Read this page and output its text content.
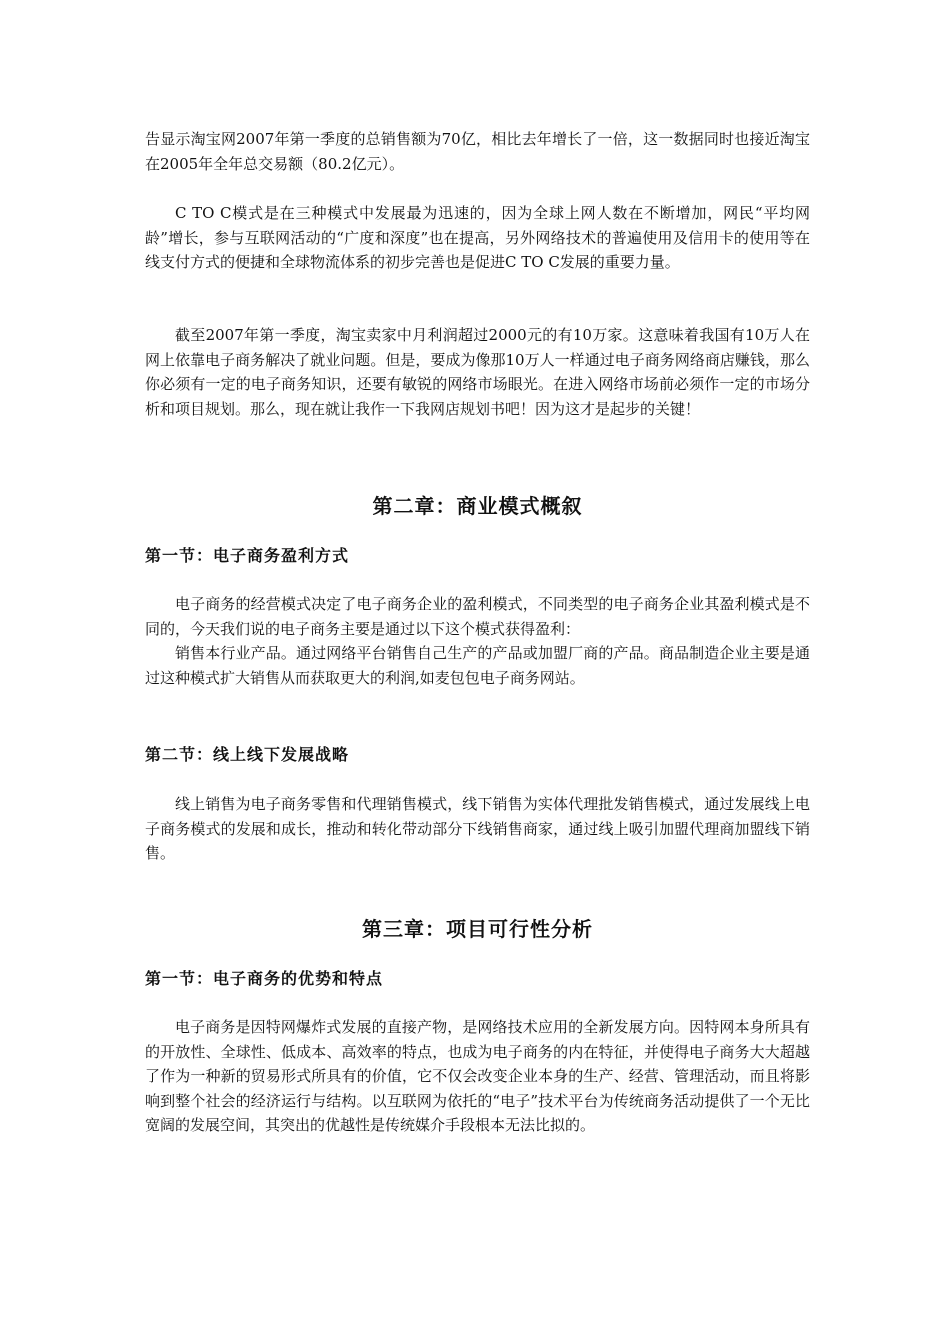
告显示淘宝网2007年第一季度的总销售额为70亿，相比去年增长了一倍，这一数据同时也接近淘宝在2005年全年总交易额（80.2亿元）。

C TO C模式是在三种模式中发展最为迅速的，因为全球上网人数在不断增加，网民“平均网龄”增长，参与互联网活动的“广度和深度”也在提高，另外网络技术的普遍使用及信用卡的使用等在线支付方式的便捷和全球物流体系的初步完善也是促进C TO C发展的重要力量。

截至2007年第一季度，淘宝卖家中月利润超过2000元的有10万家。这意味着我国有10万人在网上依靠电子商务解决了就业问题。但是，要成为像那10万人一样通过电子商务网络商店赚钱，那么你必须有一定的电子商务知识，还要有敏锐的网络市场眼光。在进入网络市场前必须作一定的市场分析和项目规划。那么，现在就让我作一下我网店规划书吧！因为这才是起步的关键！

第二章：商业模式概叙
第一节：电子商务盈利方式

电子商务的经营模式决定了电子商务企业的盈利模式，不同类型的电子商务企业其盈利模式是不同的，今天我们说的电子商务主要是通过以下这个模式获得盈利：

销售本行业产品。通过网络平台销售自己生产的产品或加盟厂商的产品。商品制造企业主要是通过这种模式扩大销售从而获取更大的利润,如麦包包电子商务网站。

第二节：线上线下发展战略

线上销售为电子商务零售和代理销售模式，线下销售为实体代理批发销售模式，通过发展线上电子商务模式的发展和成长，推动和转化带动部分下线销售商家，通过线上吸引加盟代理商加盟线下销售。

第三章：项目可行性分析
第一节：电子商务的优势和特点

电子商务是因特网爆炸式发展的直接产物，是网络技术应用的全新发展方向。因特网本身所具有的开放性、全球性、低成本、高效率的特点，也成为电子商务的内在特征，并使得电子商务大大超越了作为一种新的贸易形式所具有的价值，它不仅会改变企业本身的生产、经营、管理活动，而且将影响到整个社会的经济运行与结构。以互联网为依托的“电子”技术平台为传统商务活动提供了一个无比宽阔的发展空间，其突出的优越性是传统媒介手段根本无法比拟的。
